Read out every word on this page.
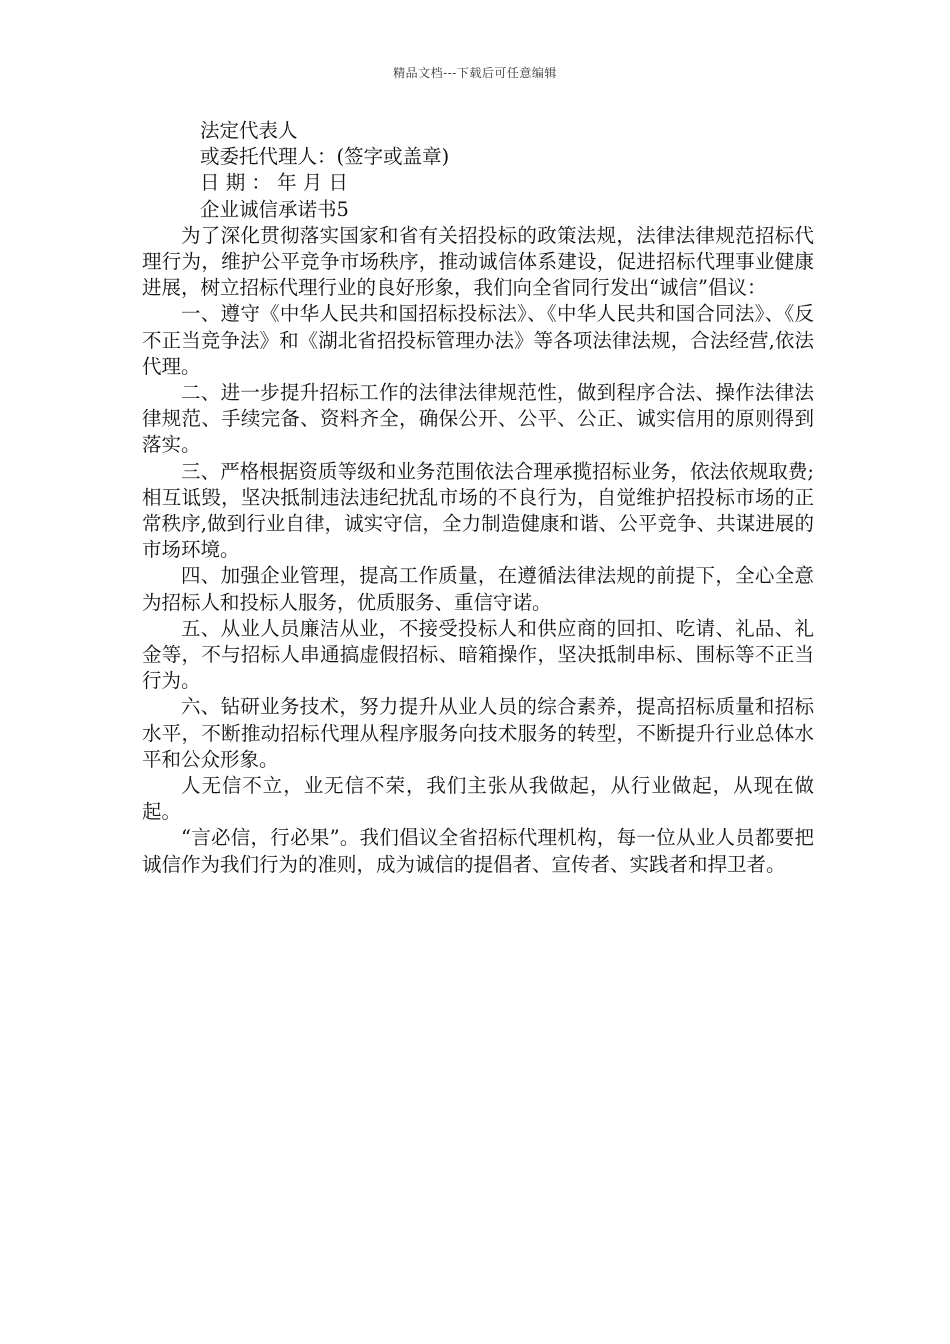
精品文档---下载后可任意编辑

法定代表人

或委托代理人：(签字或盖章)

日 期 ： 年 月 日

企业诚信承诺书5

为了深化贯彻落实国家和省有关招投标的政策法规，法律法律规范招标代理行为，维护公平竞争市场秩序，推动诚信体系建设，促进招标代理事业健康进展，树立招标代理行业的良好形象，我们向全省同行发出“诚信”倡议：

一、遵守《中华人民共和国招标投标法》、《中华人民共和国合同法》、《反不正当竞争法》和《湖北省招投标管理办法》等各项法律法规，合法经营,依法代理。

二、进一步提升招标工作的法律法律规范性，做到程序合法、操作法律法律规范、手续完备、资料齐全，确保公开、公平、公正、诚实信用的原则得到落实。

三、严格根据资质等级和业务范围依法合理承揽招标业务，依法依规取费;相互诋毁，坚决抵制违法违纪扰乱市场的不良行为，自觉维护招投标市场的正常秩序,做到行业自律，诚实守信，全力制造健康和谐、公平竞争、共谋进展的市场环境。

四、加强企业管理，提高工作质量，在遵循法律法规的前提下，全心全意为招标人和投标人服务，优质服务、重信守诺。

五、从业人员廉洁从业，不接受投标人和供应商的回扣、吃请、礼品、礼金等，不与招标人串通搞虚假招标、暗箱操作，坚决抵制串标、围标等不正当行为。

六、钻研业务技术，努力提升从业人员的综合素养，提高招标质量和招标水平，不断推动招标代理从程序服务向技术服务的转型，不断提升行业总体水平和公众形象。

人无信不立，业无信不荣，我们主张从我做起，从行业做起，从现在做起。

“言必信，行必果”。我们倡议全省招标代理机构，每一位从业人员都要把诚信作为我们行为的准则，成为诚信的提倡者、宣传者、实践者和捍卫者。
